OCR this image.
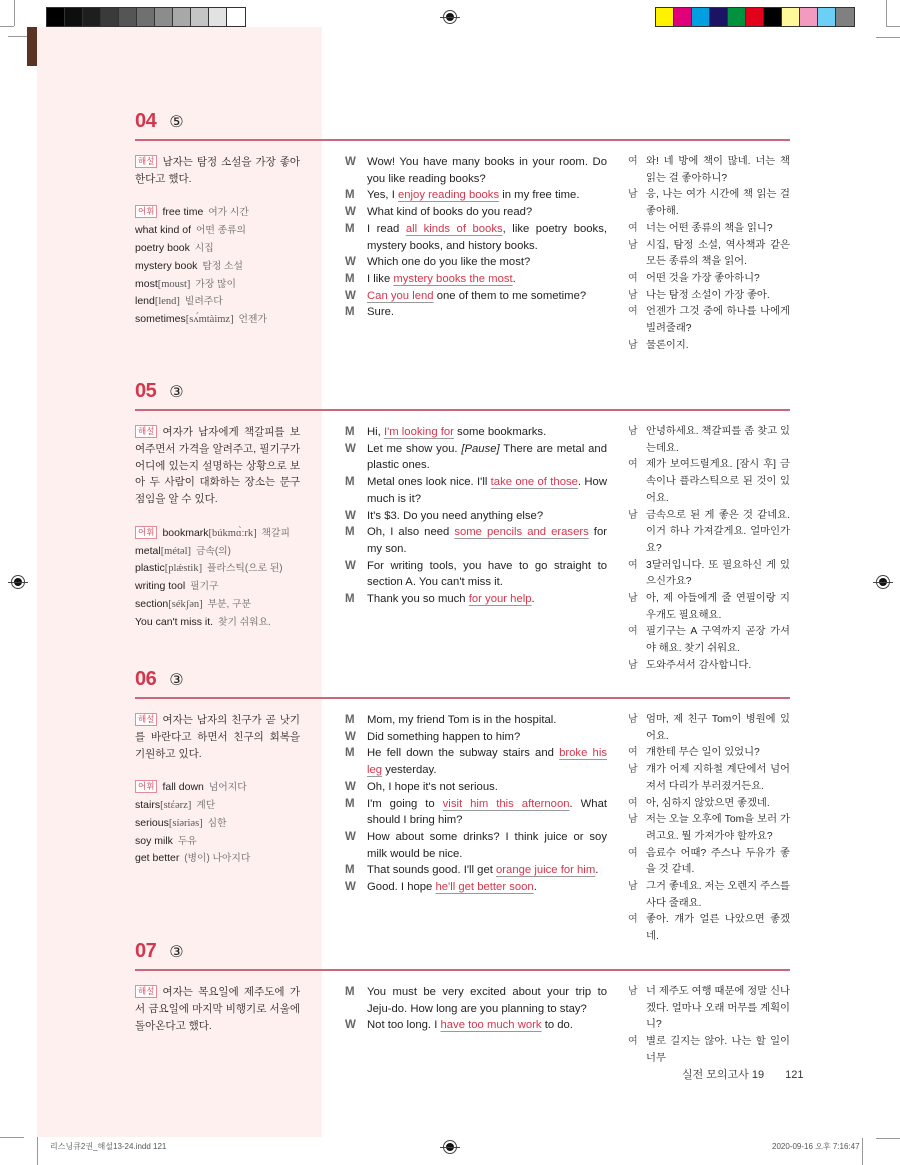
04 ⑤
해설 남자는 탐정 소설을 가장 좋아한다고 했다.
어휘 free time 여가 시간
what kind of 어떤 종류의
poetry book 시집
mystery book 탐정 소설
most[moust] 가장 많이
lend[lend] 빌려주다
sometimes[sʌ́mtàimz] 언젠가
W Wow! You have many books in your room. Do you like reading books?
M	Yes, I enjoy reading books in my free time.
W What kind of books do you read?
M	I read all kinds of books, like poetry books, mystery books, and history books.
W Which one do you like the most?
M	I like mystery books the most.
W Can you lend one of them to me sometime?
M	Sure.
여 와! 네 방에 책이 많네. 너는 책 읽는 걸 좋아하니?
남 응, 나는 여가 시간에 책 읽는 걸 좋아해.
여 너는 어떤 종류의 책을 읽니?
남 시집, 탐정 소설, 역사책과 같은 모든 종류의 책을 읽어.
여 어떤 것을 가장 좋아하니?
남 나는 탐정 소설이 가장 좋아.
여 언젠가 그것 중에 하나를 나에게 빌려줄래?
남 물론이지.
05 ③
해설 여자가 남자에게 책갈피를 보여주면서 가격을 알려주고, 필기구가 어디에 있는지 설명하는 상황으로 보아 두 사람이 대화하는 장소는 문구점임을 알 수 있다.
어휘 bookmark[búkmɑ̀ːrk] 책갈피
metal[métəl] 금속(의)
plastic[plǽstik] 플라스틱(으로 된)
writing tool 필기구
section[sékʃən] 부분, 구분
You can't miss it. 찾기 쉬워요.
M	Hi, I'm looking for some bookmarks.
W Let me show you. [Pause] There are metal and plastic ones.
M	Metal ones look nice. I'll take one of those. How much is it?
W It's $3. Do you need anything else?
M	Oh, I also need some pencils and erasers for my son.
W For writing tools, you have to go straight to section A. You can't miss it.
M	Thank you so much for your help.
남 안녕하세요. 책갈피를 좀 찾고 있는데요.
여 제가 보여드릴게요. [잠시 후] 금속이나 플라스틱으로 된 것이 있어요.
남 금속으로 된 게 좋은 것 같네요. 이거 하나 가져갈게요. 얼마인가요?
여 3달러입니다. 또 필요하신 게 있으신가요?
남 아, 제 아들에게 줄 연필이랑 지우개도 필요해요.
여 필기구는 A 구역까지 곧장 가셔야 해요. 찾기 쉬워요.
남 도와주셔서 감사합니다.
06 ③
해설 여자는 남자의 친구가 곧 낫기를 바란다고 하면서 친구의 회복을 기원하고 있다.
어휘 fall down 넘어지다
stairs[stέərz] 계단
serious[síəriəs] 심한
soy milk 두유
get better (병이) 나아지다
M	Mom, my friend Tom is in the hospital.
W Did something happen to him?
M	He fell down the subway stairs and broke his leg yesterday.
W Oh, I hope it's not serious.
M	I'm going to visit him this afternoon. What should I bring him?
W How about some drinks? I think juice or soy milk would be nice.
M	That sounds good. I'll get orange juice for him.
W Good. I hope he'll get better soon.
남 엄마, 제 친구 Tom이 병원에 있어요.
여 걔한테 무슨 일이 있었니?
남 걔가 어제 지하철 계단에서 넘어져서 다리가 부러졌거든요.
여 아, 심하지 않았으면 좋겠네.
남 저는 오늘 오후에 Tom을 보러 가려고요. 뭘 가져가야 할까요?
여 음료수 어때? 주스나 두유가 좋을 것 같네.
남 그거 좋네요. 저는 오렌지 주스를 사다 줄래요.
여 좋아. 걔가 얼른 나았으면 좋겠네.
07 ③
해설 여자는 목요일에 제주도에 가서 금요일에 마지막 비행기로 서울에 돌아온다고 했다.
M	You must be very excited about your trip to Jeju-do. How long are you planning to stay?
W Not too long. I have too much work to do.
남 너 제주도 여행 때문에 정말 신나겠다. 얼마나 오래 머무를 계획이니?
여 별로 길지는 않아. 나는 할 일이 너무
실전 모의고사 19 121
리스닝큐2권_해설13-24.indd 121	2020-09-16 오후 7:16:47
